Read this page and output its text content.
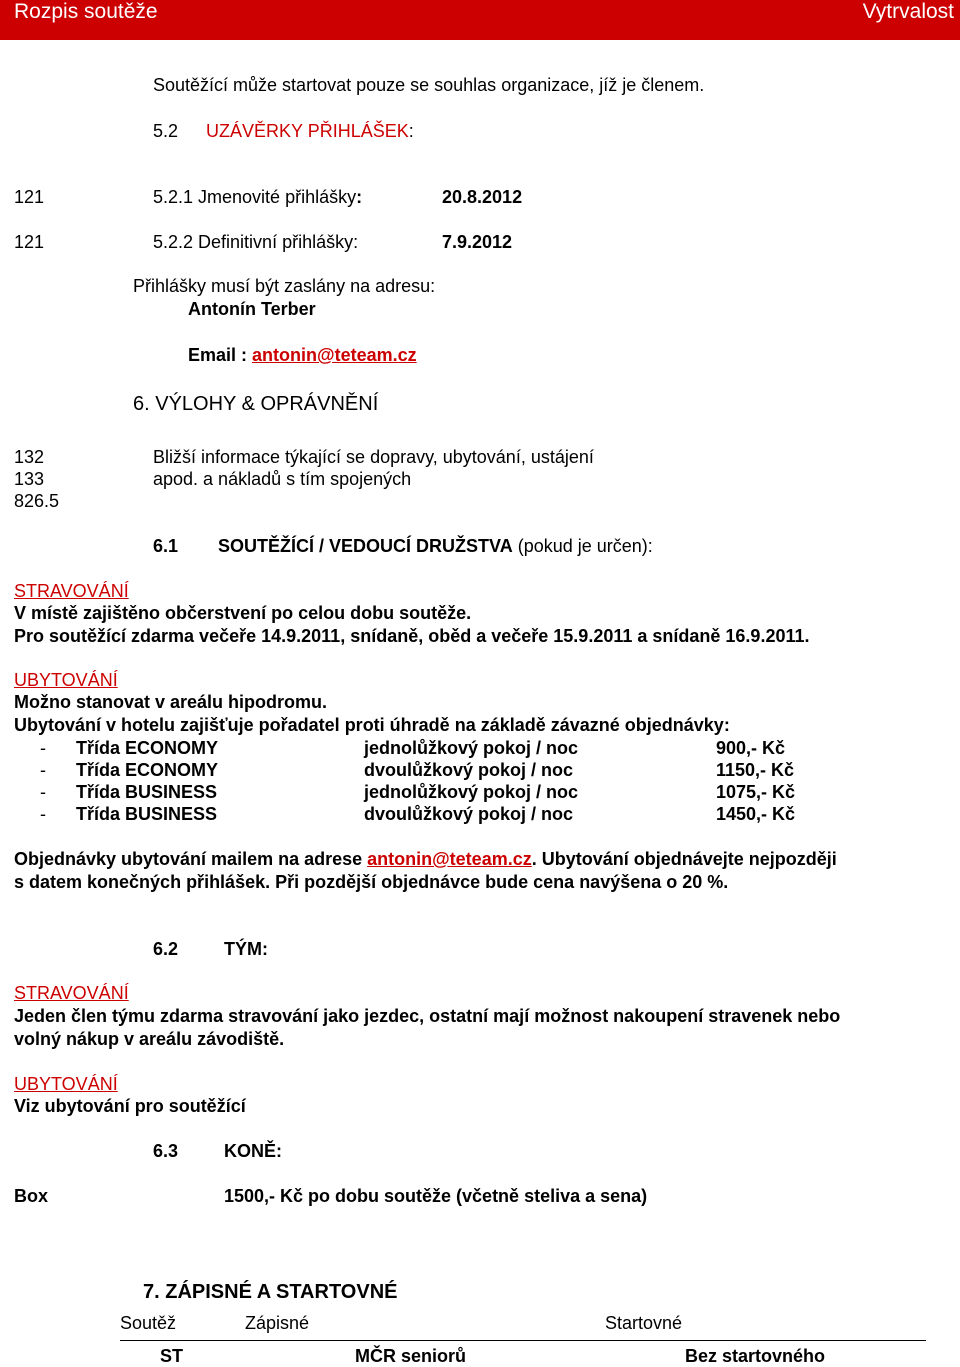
Rozpis soutěže	Vytrvalost
Soutěžící může startovat pouze se souhlas organizace, jíž je členem.
5.2 UZÁVĚRKY PŘIHLÁŠEK:
121	5.2.1 Jmenovité přihlášky:	20.8.2012
121	5.2.2 Definitivní přihlášky:	7.9.2012
Přihlášky musí být zaslány na adresu:
Antonín Terber
Email : antonin@teteam.cz
6. VÝLOHY & OPRÁVNĚNÍ
132
133
826.5
Bližší informace týkající se dopravy, ubytování, ustájení
apod. a nákladů s tím spojených
6.1 SOUTĚŽÍCÍ / VEDOUCÍ DRUŽSTVA (pokud je určen):
STRAVOVÁNÍ
V místě zajištěno občerstvení po celou dobu soutěže.
Pro soutěžící zdarma večeře 14.9.2011, snídaně, oběd a večeře 15.9.2011 a snídaně 16.9.2011.
UBYTOVÁNÍ
Možno stanovat v areálu hipodromu.
Ubytování v hotelu zajišťuje pořadatel proti úhradě na základě závazné objednávky:
- Třída ECONOMY	jednolůžkový pokoj / noc	900,- Kč
- Třída ECONOMY	dvoulůžkový pokoj / noc	1150,- Kč
- Třída BUSINESS	jednolůžkový pokoj / noc	1075,- Kč
- Třída BUSINESS	dvoulůžkový pokoj / noc	1450,- Kč
Objednávky ubytování mailem na adrese antonin@teteam.cz. Ubytování objednávejte nejpozději
s datem konečných přihlášek. Při pozdější objednávce bude cena navýšena o 20 %.
6.2	TÝM:
STRAVOVÁNÍ
Jeden člen týmu zdarma stravování jako jezdec, ostatní mají možnost nakoupení stravenek nebo
volný nákup v areálu závodiště.
UBYTOVÁNÍ
Viz ubytování pro soutěžící
6.3	KONĚ:
Box	1500,- Kč po dobu soutěže (včetně steliva a sena)
7. ZÁPISNÉ A STARTOVNÉ
Soutěž	Zápisné	Startovné
ST	MČR seniorů	Bez startovného
